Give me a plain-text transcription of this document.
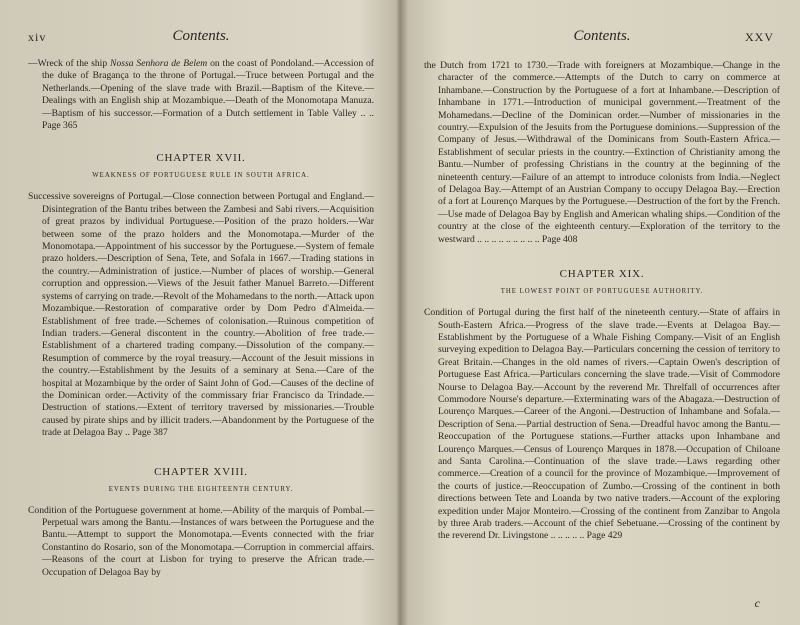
xiv	Contents.

—Wreck of the ship Nossa Senhora de Belem on the coast of Pondoland.—Accession of the duke of Bragança to the throne of Portugal.—Truce between Portugal and the Netherlands.—Opening of the slave trade with Brazil.—Baptism of the Kiteve.—Dealings with an English ship at Mozambique.—Death of the Monomotapa Manuza.—Baptism of his successor.—Formation of a Dutch settlement in Table Valley .. .. Page 365

CHAPTER XVII.

WEAKNESS OF PORTUGUESE RULE IN SOUTH AFRICA.

Successive sovereigns of Portugal.—Close connection between Portugal and England.—Disintegration of the Bantu tribes between the Zambesi and Sabi rivers.—Acquisition of great prazos by individual Portuguese.—Position of the prazo holders.—War between some of the prazo holders and the Monomotapa.—Murder of the Monomotapa.—Appointment of his successor by the Portuguese.—System of female prazo holders.—Description of Sena, Tete, and Sofala in 1667.—Trading stations in the country.—Administration of justice.—Number of places of worship.—General corruption and oppression.—Views of the Jesuit father Manuel Barreto.—Different systems of carrying on trade.—Revolt of the Mohamedans to the north.—Attack upon Mozambique.—Restoration of comparative order by Dom Pedro d'Almeida.—Establishment of free trade.—Schemes of colonisation.—Ruinous competition of Indian traders.—General discontent in the country.—Abolition of free trade.—Establishment of a chartered trading company.—Dissolution of the company.—Resumption of commerce by the royal treasury.—Account of the Jesuit missions in the country.—Establishment by the Jesuits of a seminary at Sena.—Care of the hospital at Mozambique by the order of Saint John of God.—Causes of the decline of the Dominican order.—Activity of the commissary friar Francisco da Trindade.—Destruction of stations.—Extent of territory traversed by missionaries.—Trouble caused by pirate ships and by illicit traders.—Abandonment by the Portuguese of the trade at Delagoa Bay .. Page 387

CHAPTER XVIII.

EVENTS DURING THE EIGHTEENTH CENTURY.

Condition of the Portuguese government at home.—Ability of the marquis of Pombal.—Perpetual wars among the Bantu.—Instances of wars between the Portuguese and the Bantu.—Attempt to support the Monomotapa.—Events connected with the friar Constantino do Rosario, son of the Monomotapa.—Corruption in commercial affairs.—Reasons of the court at Lisbon for trying to preserve the African trade.—Occupation of Delagoa Bay by

Contents.	XXV

the Dutch from 1721 to 1730.—Trade with foreigners at Mozambique.—Change in the character of the commerce.—Attempts of the Dutch to carry on commerce at Inhambane.—Construction by the Portuguese of a fort at Inhambane.—Description of Inhambane in 1771.—Introduction of municipal government.—Treatment of the Mohamedans.—Decline of the Dominican order.—Number of missionaries in the country.—Expulsion of the Jesuits from the Portuguese dominions.—Suppression of the Company of Jesus.—Withdrawal of the Dominicans from South-Eastern Africa.—Establishment of secular priests in the country.—Extinction of Christianity among the Bantu.—Number of professing Christians in the country at the beginning of the nineteenth century.—Failure of an attempt to introduce colonists from India.—Neglect of Delagoa Bay.—Attempt of an Austrian Company to occupy Delagoa Bay.—Erection of a fort at Lourenço Marques by the Portuguese.—Destruction of the fort by the French.—Use made of Delagoa Bay by English and American whaling ships.—Condition of the country at the close of the eighteenth century.—Exploration of the territory to the westward .. .. .. .. .. .. .. .. .. Page 408

CHAPTER XIX.

THE LOWEST POINT OF PORTUGUESE AUTHORITY.

Condition of Portugal during the first half of the nineteenth century.—State of affairs in South-Eastern Africa.—Progress of the slave trade.—Events at Delagoa Bay.—Establishment by the Portuguese of a Whale Fishing Company.—Visit of an English surveying expedition to Delagoa Bay.—Particulars concerning the cession of territory to Great Britain.—Changes in the old names of rivers.—Captain Owen's description of Portuguese East Africa.—Particulars concerning the slave trade.—Visit of Commodore Nourse to Delagoa Bay.—Account by the reverend Mr. Threlfall of occurrences after Commodore Nourse's departure.—Exterminating wars of the Abagaza.—Destruction of Lourenço Marques.—Career of the Angoni.—Destruction of Inhambane and Sofala.—Description of Sena.—Partial destruction of Sena.—Dreadful havoc among the Bantu.—Reoccupation of the Portuguese stations.—Further attacks upon Inhambane and Lourenço Marques.—Census of Lourenço Marques in 1878.—Occupation of Chiloane and Santa Carolina.—Continuation of the slave trade.—Laws regarding other commerce.—Creation of a council for the province of Mozambique.—Improvement of the courts of justice.—Reoccupation of Zumbo.—Crossing of the continent in both directions between Tete and Loanda by two native traders.—Account of the exploring expedition under Major Monteiro.—Crossing of the continent from Zanzibar to Angola by three Arab traders.—Account of the chief Sebetuane.—Crossing of the continent by the reverend Dr. Livingstone .. .. .. .. .. Page 429

c
